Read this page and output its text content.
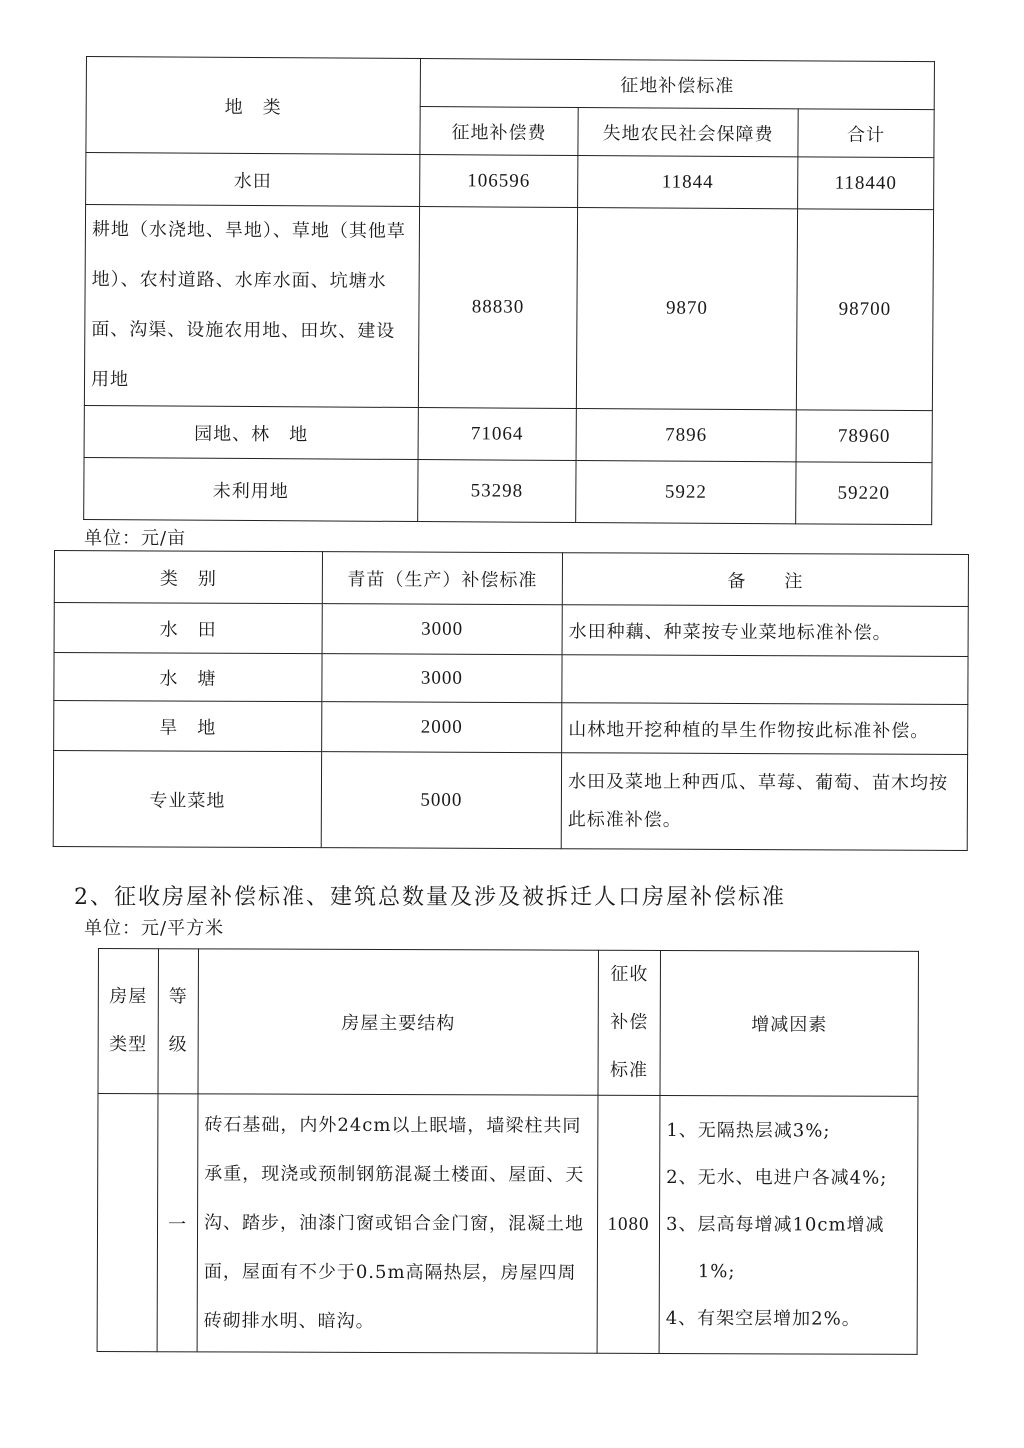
地　类	征地补偿标准		
	征地补偿费	失地农民社会保障费	合计
水田	106596	11844	118440
耕地（水浇地、旱地）、草地（其他草地）、农村道路、水库水面、坑塘水面、沟渠、设施农用地、田坎、建设用地	88830	9870	98700
园地、林　地	71064	7896	78960
未利用地	53298	5922	59220
单位：元/亩
类　别	青苗（生产）补偿标准	备　　注
水　田	3000	水田种藕、种菜按专业菜地标准补偿。
水　塘	3000	
旱　地	2000	山林地开挖种植的旱生作物按此标准补偿。
专业菜地	5000	水田及菜地上种西瓜、草莓、葡萄、苗木均按此标准补偿。
2、征收房屋补偿标准、建筑总数量及涉及被拆迁人口房屋补偿标准
单位：元/平方米
房屋类型	等级	房屋主要结构	征收补偿标准	增减因素
	一	砖石基础，内外24cm以上眠墙，墙梁柱共同承重，现浇或预制钢筋混凝土楼面、屋面、天沟、踏步，油漆门窗或铝合金门窗，混凝土地面，屋面有不少于0.5m高隔热层，房屋四周砖砌排水明、暗沟。	1080	1、无隔热层减3%;
2、无水、电进户各减4%;
3、层高每增减10cm增减
1%;
4、有架空层增加2%。
